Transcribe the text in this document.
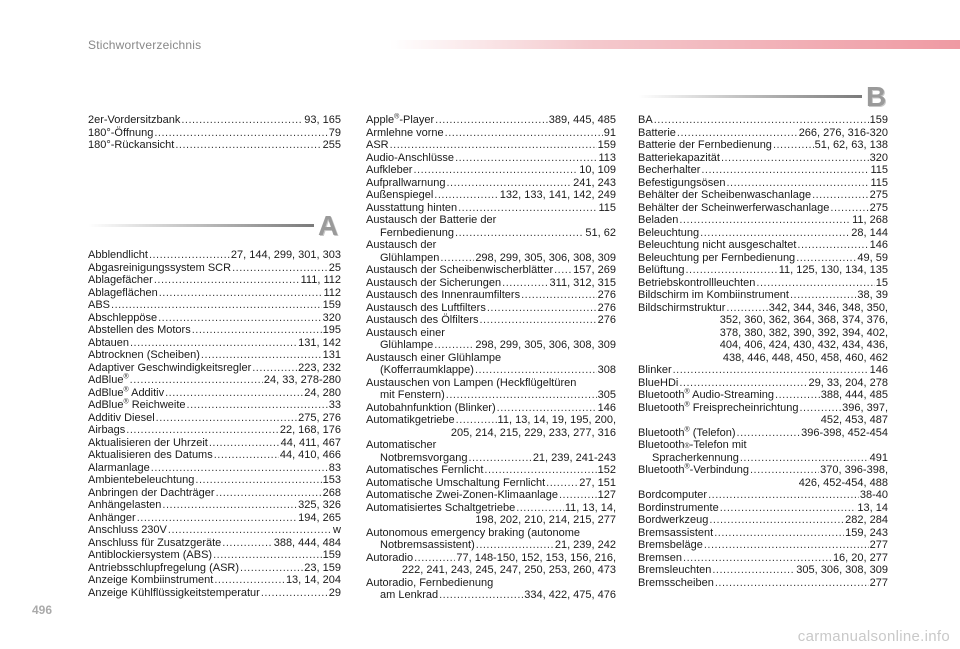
Stichwortverzeichnis
2er-Vordersitzbank .....	93, 165
180°-Öffnung .....	79
180°-Rückansicht .....	255
A
Abblendlicht .....	27, 144, 299, 301, 303
Abgasreinigungssystem SCR .....	25
Ablagefächer .....	111, 112
Ablageflächen .....	112
ABS .....	159
Abschleppöse .....	320
Abstellen des Motors .....	195
Abtauen .....	131, 142
Abtrocknen (Scheiben) .....	131
Adaptiver Geschwindigkeitsregler .....	223, 232
AdBlue® .....	24, 33, 278-280
AdBlue® Additiv .....	24, 280
AdBlue® Reichweite .....	33
Additiv Diesel .....	275, 276
Airbags .....	22, 168, 176
Aktualisieren der Uhrzeit .....	44, 411, 467
Aktualisieren des Datums .....	44, 410, 466
Alarmanlage .....	83
Ambientebeleuchtung .....	153
Anbringen der Dachträger .....	268
Anhängelasten .....	325, 326
Anhänger .....	194, 265
Anschluss 230V .....	w
Anschluss für Zusatzgeräte .....	388, 444, 484
Antiblockiersystem (ABS) .....	159
Antriebsschlupfregelung (ASR) .....	23, 159
Anzeige Kombiinstrument .....	13, 14, 204
Anzeige Kühlflüssigkeitstemperatur .....	29
Apple®-Player .....	389, 445, 485
Armlehne vorne .....	91
ASR .....	159
Audio-Anschlüsse .....	113
Aufkleber .....	10, 109
Aufprallwarnung .....	241, 243
Außenspiegel .....	132, 133, 141, 142, 249
Ausstattung hinten .....	115
Austausch der Batterie der
Fernbedienung .....	51, 62
Austausch der
Glühlampen .....	298, 299, 305, 306, 308, 309
Austausch der Scheibenwischerblätter ..... 157, 269
Austausch der Sicherungen .....	311, 312, 315
Austausch des Innenraumfilters .....	276
Austausch des Luftfilters .....	276
Austausch des Ölfilters .....	276
Austausch einer
Glühlampe .....	298, 299, 305, 306, 308, 309
Austausch einer Glühlampe
(Kofferraumklappe) .....	308
Austauschen von Lampen (Heckflügeltüren
mit Fenstern) .....	305
Autobahnfunktion (Blinker) .....	146
Automatikgetriebe .....	11, 13, 14, 19, 195, 200,
205, 214, 215, 229, 233, 277, 316
Automatischer
Notbremsvorgang .....	21, 239, 241-243
Automatisches Fernlicht .....	152
Automatische Umschaltung Fernlicht .....	27, 151
Automatische Zwei-Zonen-Klimaanlage .....	127
Automatisiertes Schaltgetriebe .....	11, 13, 14,
198, 202, 210, 214, 215, 277
Autonomous emergency braking (autonome
Notbremsassistent) .....	21, 239, 242
Autoradio .....	77, 148-150, 152, 153, 156, 216,
222, 241, 243, 245, 247, 250, 253, 260, 473
Autoradio, Fernbedienung
am Lenkrad .....	334, 422, 475, 476
B
BA .....	159
Batterie .....	266, 276, 316-320
Batterie der Fernbedienung .....	51, 62, 63, 138
Batteriekapazität .....	320
Becherhalter .....	115
Befestigungsösen .....	115
Behälter der Scheibenwaschanlage .....	275
Behälter der Scheinwerferwaschanlage .....	275
Beladen .....	11, 268
Beleuchtung .....	28, 144
Beleuchtung nicht ausgeschaltet .....	146
Beleuchtung per Fernbedienung .....	49, 59
Belüftung .....	11, 125, 130, 134, 135
Betriebskontrollleuchten .....	15
Bildschirm im Kombiinstrument .....	38, 39
Bildschirmstruktur .....	342, 344, 346, 348, 350,
352, 360, 362, 364, 368, 374, 376,
378, 380, 382, 390, 392, 394, 402,
404, 406, 424, 430, 432, 434, 436,
438, 446, 448, 450, 458, 460, 462
Blinker .....	146
BlueHDi .....	29, 33, 204, 278
Bluetooth® Audio-Streaming .....	388, 444, 485
Bluetooth® Freisprecheinrichtung .....	396, 397,
452, 453, 487
Bluetooth® (Telefon) .....	396-398, 452-454
Bluetooth ® -Telefon mit
Spracherkennung .....	491
Bluetooth®-Verbindung .....	370, 396-398,
426, 452-454, 488
Bordcomputer .....	38-40
Bordinstrumente .....	13, 14
Bordwerkzeug .....	282, 284
Bremsassistent .....	159, 243
Bremsbeläge .....	277
Bremsen .....	16, 20, 277
Bremsleuchten .....	305, 306, 308, 309
Bremsscheiben .....	277
496
carmanualsonline.info
